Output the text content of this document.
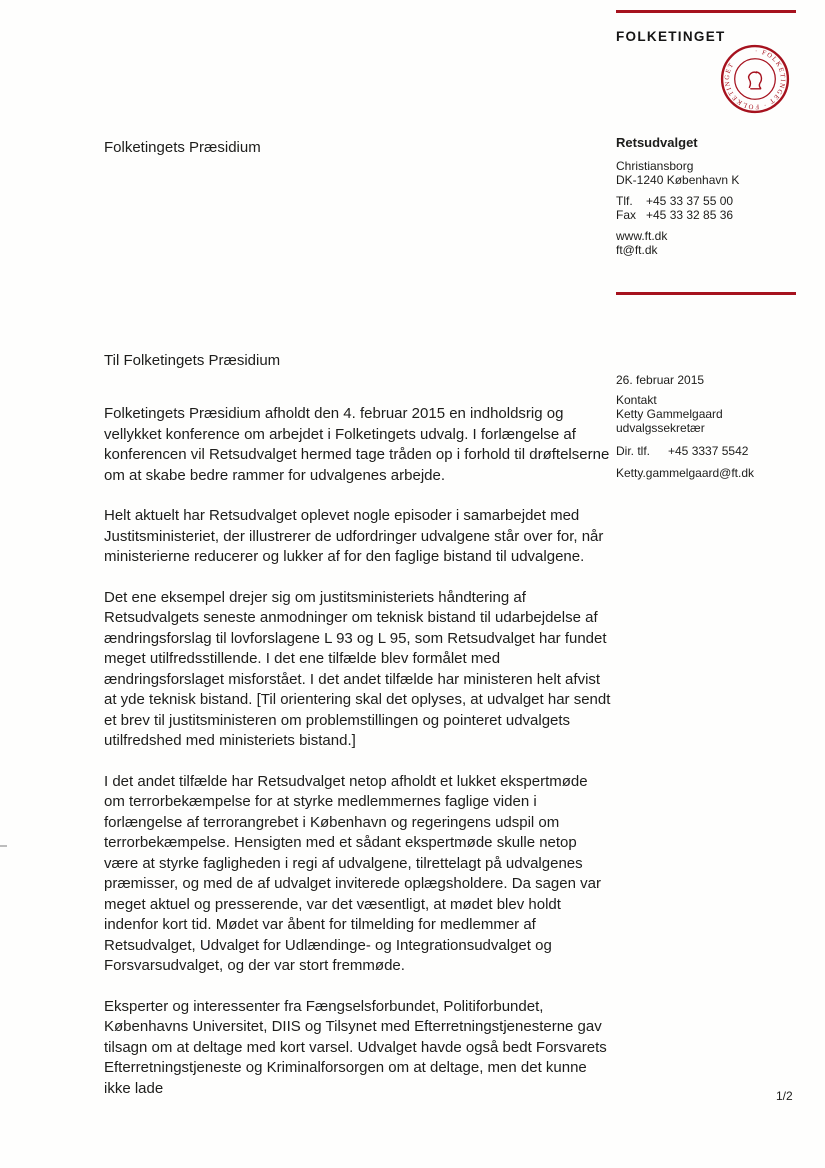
FOLKETINGET
· FOLKETINGET · FOLKETINGET
Folketingets Præsidium	Retsudvalget
Christiansborg
DK-1240 København K
Tlf. +45 33 37 55 00
Fax +45 33 32 85 36
www.ft.dk
ft@ft.dk
26. februar 2015
Kontakt
Ketty Gammelgaard
udvalgssekretær
Dir. tlf. +45 3337 5542
Ketty.gammelgaard@ft.dk
Til Folketingets Præsidium

Folketingets Præsidium afholdt den 4. februar 2015 en indholdsrig og vellykket konference om arbejdet i Folketingets udvalg. I forlængelse af konferencen vil Retsudvalget hermed tage tråden op i forhold til drøftelserne om at skabe bedre rammer for udvalgenes arbejde.

Helt aktuelt har Retsudvalget oplevet nogle episoder i samarbejdet med Justitsministeriet, der illustrerer de udfordringer udvalgene står over for, når ministerierne reducerer og lukker af for den faglige bistand til udvalgene.

Det ene eksempel drejer sig om justitsministeriets håndtering af Retsudvalgets seneste anmodninger om teknisk bistand til udarbejdelse af ændringsforslag til lovforslagene L 93 og L 95, som Retsudvalget har fundet meget utilfredsstillende. I det ene tilfælde blev formålet med ændringsforslaget misforstået. I det andet tilfælde har ministeren helt afvist at yde teknisk bistand. [Til orientering skal det oplyses, at udvalget har sendt et brev til justitsministeren om problemstillingen og pointeret udvalgets utilfredshed med ministeriets bistand.]

I det andet tilfælde har Retsudvalget netop afholdt et lukket ekspertmøde om terrorbekæmpelse for at styrke medlemmernes faglige viden i forlængelse af terrorangrebet i København og regeringens udspil om terrorbekæmpelse. Hensigten med et sådant ekspertmøde skulle netop være at styrke fagligheden i regi af udvalgene, tilrettelagt på udvalgenes præmisser, og med de af udvalget inviterede oplægsholdere. Da sagen var meget aktuel og presserende, var det væsentligt, at mødet blev holdt indenfor kort tid. Mødet var åbent for tilmelding for medlemmer af Retsudvalget, Udvalget for Udlændinge- og Integrationsudvalget og Forsvarsudvalget, og der var stort fremmøde.

Eksperter og interessenter fra Fængselsforbundet, Politiforbundet, Københavns Universitet, DIIS og Tilsynet med Efterretningstjenesterne gav tilsagn om at deltage med kort varsel. Udvalget havde også bedt Forsvarets Efterretningstjeneste og Kriminalforsorgen om at deltage, men det kunne ikke lade	1/2
